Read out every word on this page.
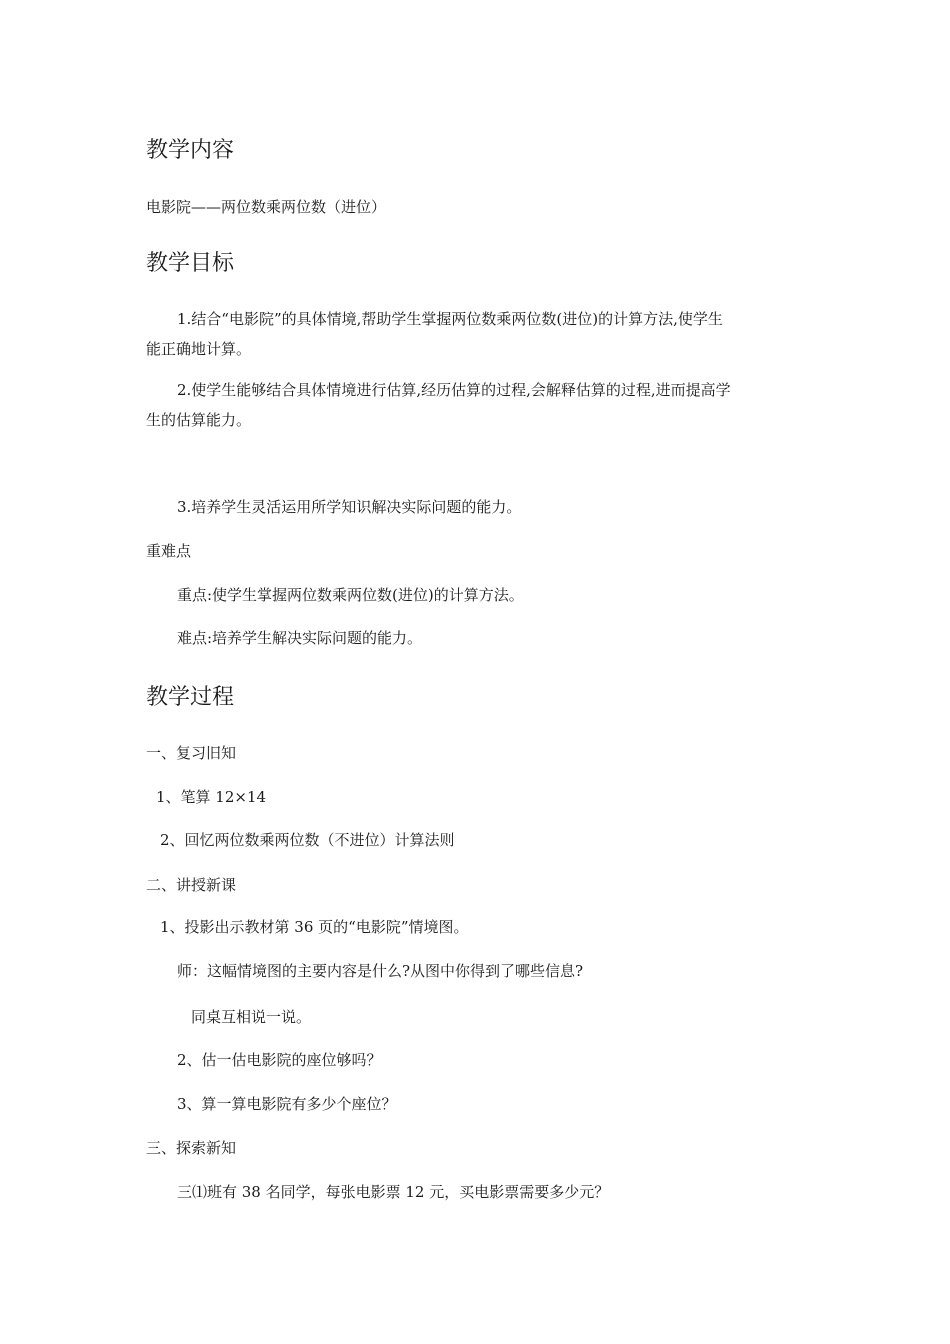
教学内容
电影院——两位数乘两位数（进位）
教学目标
1.结合“电影院”的具体情境,帮助学生掌握两位数乘两位数(进位)的计算方法,使学生
能正确地计算。
2.使学生能够结合具体情境进行估算,经历估算的过程,会解释估算的过程,进而提高学
生的估算能力。
3.培养学生灵活运用所学知识解决实际问题的能力。
重难点
重点:使学生掌握两位数乘两位数(进位)的计算方法。
难点:培养学生解决实际问题的能力。
教学过程
一、复习旧知
1、笔算 12×14
2、回忆两位数乘两位数（不进位）计算法则
二、讲授新课
1、投影出示教材第 36 页的“电影院”情境图。
师：这幅情境图的主要内容是什么?从图中你得到了哪些信息?
同桌互相说一说。
2、估一估电影院的座位够吗？
3、算一算电影院有多少个座位？
三、探索新知
三⑴班有 38 名同学，每张电影票 12 元，买电影票需要多少元？
